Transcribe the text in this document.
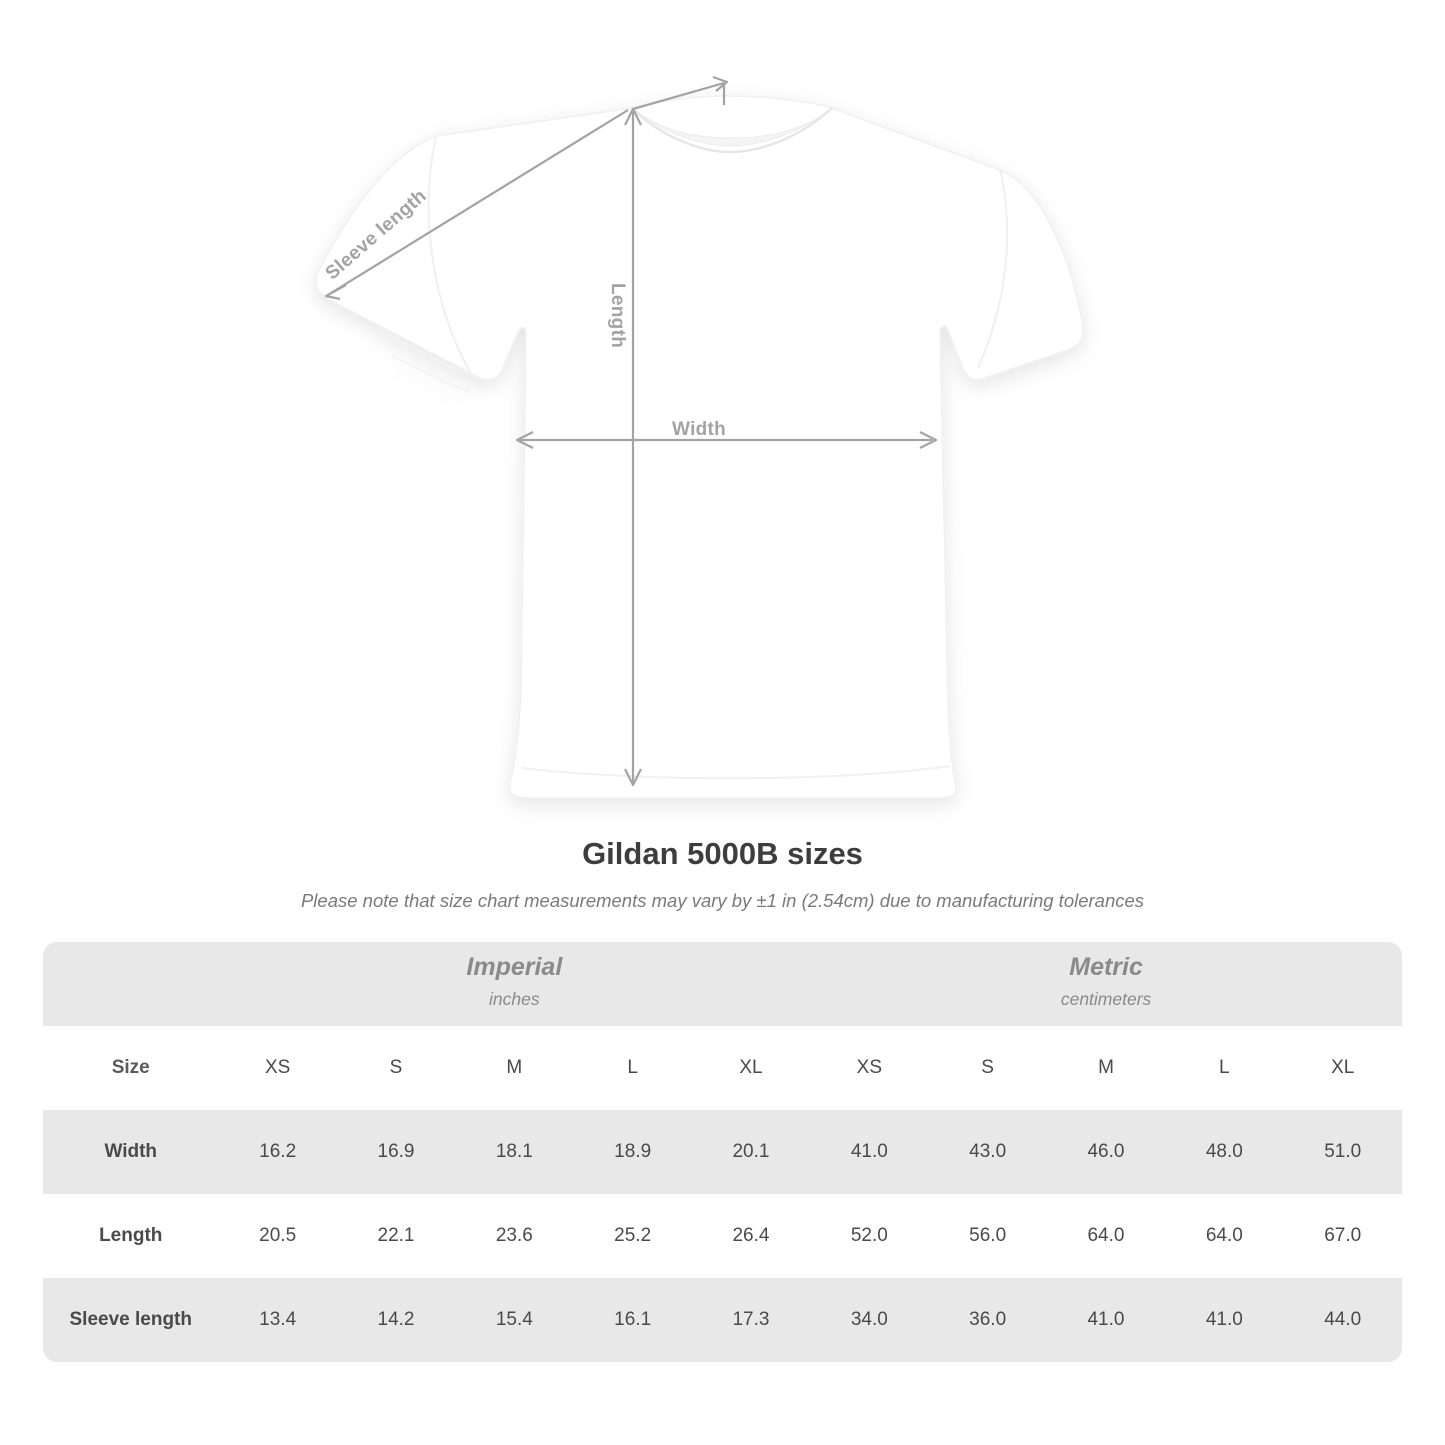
Width
Length
Sleeve length
Gildan 5000B sizes
Please note that size chart measurements may vary by ±1 in (2.54cm) due to manufacturing tolerances

Imperial
inches

Metric
centimeters

Size	XS	S	M	L	XL	XS	S	M	L	XL
Width	16.2	16.9	18.1	18.9	20.1	41.0	43.0	46.0	48.0	51.0
Length	20.5	22.1	23.6	25.2	26.4	52.0	56.0	64.0	64.0	67.0
Sleeve length	13.4	14.2	15.4	16.1	17.3	34.0	36.0	41.0	41.0	44.0
